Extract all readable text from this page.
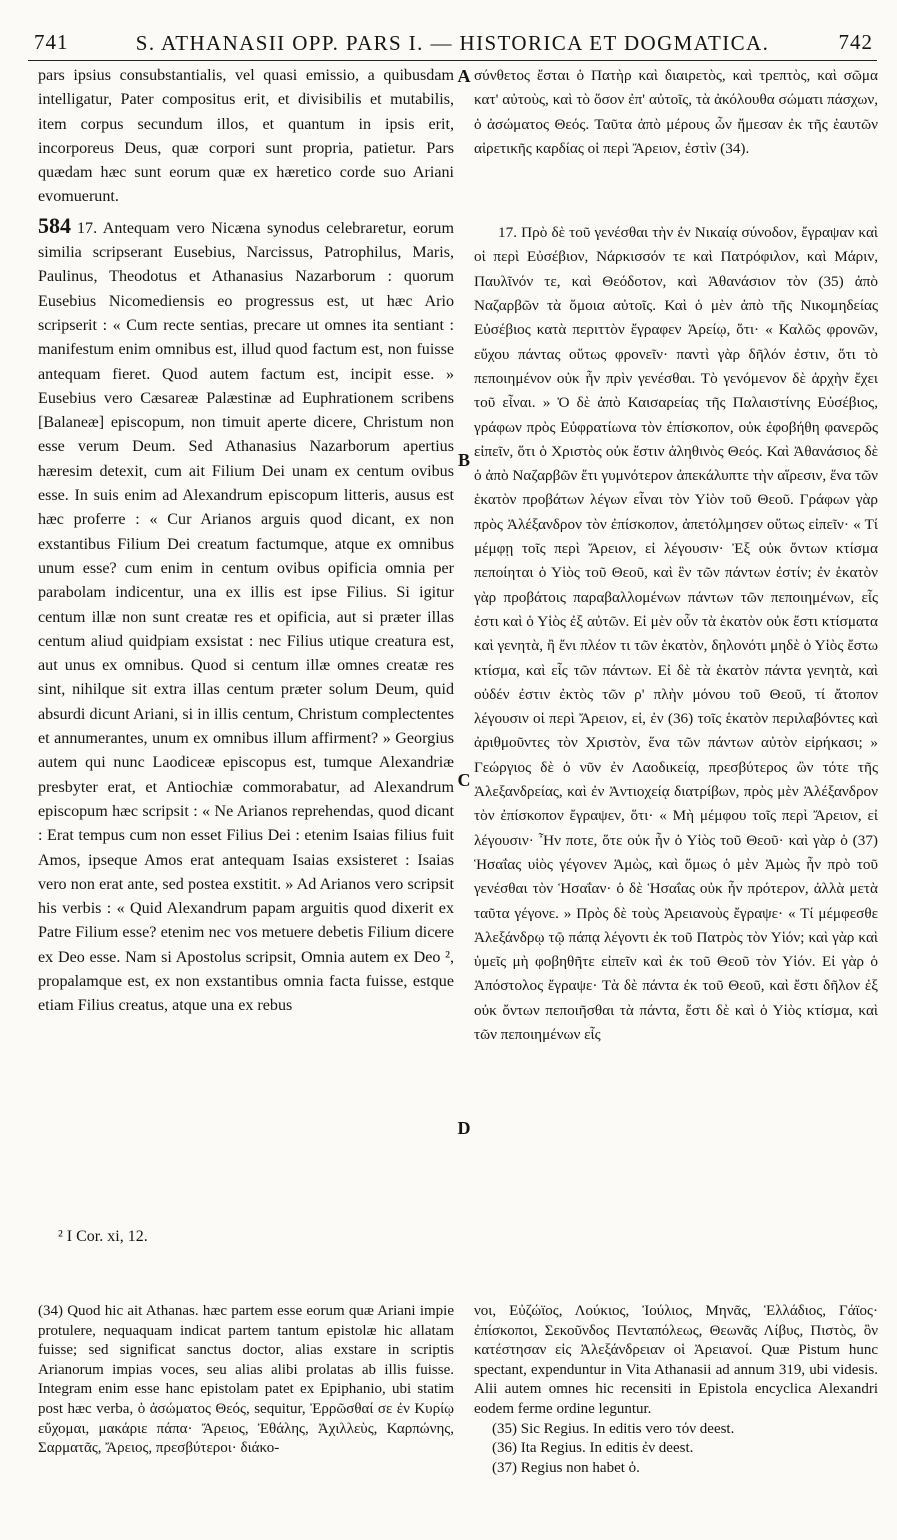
741	S. ATHANASII OPP. PARS I. — HISTORICA ET DOGMATICA.	742

pars ipsius consubstantialis, vel quasi emissio, a quibusdam intelligatur, Pater compositus erit, et divisibilis et mutabilis, item corpus secundum illos, et quantum in ipsis erit, incorporeus Deus, quæ corpori sunt propria, patietur. Pars quædam hæc sunt eorum quæ ex hæretico corde suo Ariani evomuerunt.

584 17. Antequam vero Nicæna synodus celebraretur, eorum similia scripserant Eusebius, Narcissus, Patrophilus, Maris, Paulinus, Theodotus et Athanasius Nazarborum : quorum Eusebius Nicomediensis eo progressus est, ut hæc Ario scripserit : « Cum recte sentias, precare ut omnes ita sentiant : manifestum enim omnibus est, illud quod factum est, non fuisse antequam fieret. Quod autem factum est, incipit esse. » Eusebius vero Cæsareæ Palæstinæ ad Euphrationem scribens [Balaneæ] episcopum, non timuit aperte dicere, Christum non esse verum Deum. Sed Athanasius Nazarborum apertius hæresim detexit, cum ait Filium Dei unam ex centum ovibus esse. In suis enim ad Alexandrum episcopum litteris, ausus est hæc proferre : « Cur Arianos arguis quod dicant, ex non exstantibus Filium Dei creatum factumque, atque ex omnibus unum esse? cum enim in centum ovibus opificia omnia per parabolam indicentur, una ex illis est ipse Filius. Si igitur centum illæ non sunt creatæ res et opificia, aut si præter illas centum aliud quidpiam exsistat : nec Filius utique creatura est, aut unus ex omnibus. Quod si centum illæ omnes creatæ res sint, nihilque sit extra illas centum præter solum Deum, quid absurdi dicunt Ariani, si in illis centum, Christum complectentes et annumerantes, unum ex omnibus illum affirment? » Georgius autem qui nunc Laodiceæ episcopus est, tumque Alexandriæ presbyter erat, et Antiochiæ commorabatur, ad Alexandrum episcopum hæc scripsit : « Ne Arianos reprehendas, quod dicant : Erat tempus cum non esset Filius Dei : etenim Isaias filius fuit Amos, ipseque Amos erat antequam Isaias exsisteret : Isaias vero non erat ante, sed postea exstitit. » Ad Arianos vero scripsit his verbis : « Quid Alexandrum papam arguitis quod dixerit ex Patre Filium esse? etenim nec vos metuere debetis Filium dicere ex Deo esse. Nam si Apostolus scripsit, Omnia autem ex Deo ², propalamque est, ex non exstantibus omnia facta fuisse, estque etiam Filius creatus, atque una ex rebus

σύνθετος ἔσται ὁ Πατὴρ καὶ διαιρετὸς, καὶ τρεπτὸς, καὶ σῶμα κατ' αὐτοὺς, καὶ τὸ ὅσον ἐπ' αὐτοῖς, τὰ ἀκόλουθα σώματι πάσχων, ὁ ἀσώματος Θεός. Ταῦτα ἀπὸ μέρους ὧν ἤμεσαν ἐκ τῆς ἑαυτῶν αἱρετικῆς καρδίας οἱ περὶ Ἄρειον, ἐστὶν (34).

17. Πρὸ δὲ τοῦ γενέσθαι τὴν ἐν Νικαίᾳ σύνοδον, ἔγραψαν καὶ οἱ περὶ Εὐσέβιον, Νάρκισσόν τε καὶ Πατρόφιλον, καὶ Μάριν, Παυλῖνόν τε, καὶ Θεόδοτον, καὶ Ἀθανάσιον τὸν (35) ἀπὸ Ναζαρβῶν τὰ ὅμοια αὐτοῖς. Καὶ ὁ μὲν ἀπὸ τῆς Νικομηδείας Εὐσέβιος κατὰ περιττὸν ἔγραφεν Ἀρείῳ, ὅτι· « Καλῶς φρονῶν, εὔχου πάντας οὕτως φρονεῖν· παντὶ γὰρ δῆλόν ἐστιν, ὅτι τὸ πεποιημένον οὐκ ἦν πρὶν γενέσθαι. Τὸ γενόμενον δὲ ἀρχὴν ἔχει τοῦ εἶναι. » Ὁ δὲ ἀπὸ Καισαρείας τῆς Παλαιστίνης Εὐσέβιος, γράφων πρὸς Εὐφρατίωνα τὸν ἐπίσκοπον, οὐκ ἐφοβήθη φανερῶς εἰπεῖν, ὅτι ὁ Χριστὸς οὐκ ἔστιν ἀληθινὸς Θεός. Καὶ Ἀθανάσιος δὲ ὁ ἀπὸ Ναζαρβῶν ἔτι γυμνότερον ἀπεκάλυπτε τὴν αἵρεσιν, ἕνα τῶν ἑκατὸν προβάτων λέγων εἶναι τὸν Υἱὸν τοῦ Θεοῦ. Γράφων γὰρ πρὸς Ἀλέξανδρον τὸν ἐπίσκοπον, ἀπετόλμησεν οὕτως εἰπεῖν· « Τί μέμφῃ τοῖς περὶ Ἄρειον, εἰ λέγουσιν· Ἐξ οὐκ ὄντων κτίσμα πεποίηται ὁ Υἱὸς τοῦ Θεοῦ, καὶ ἓν τῶν πάντων ἐστίν; ἐν ἑκατὸν γὰρ προβάτοις παραβαλλομένων πάντων τῶν πεποιημένων, εἷς ἐστι καὶ ὁ Υἱὸς ἐξ αὐτῶν. Εἰ μὲν οὖν τὰ ἑκατὸν οὐκ ἔστι κτίσματα καὶ γενητὰ, ἢ ἔνι πλέον τι τῶν ἑκατὸν, δηλονότι μηδὲ ὁ Υἱὸς ἔστω κτίσμα, καὶ εἷς τῶν πάντων. Εἰ δὲ τὰ ἑκατὸν πάντα γενητὰ, καὶ οὐδέν ἐστιν ἐκτὸς τῶν ρ' πλὴν μόνου τοῦ Θεοῦ, τί ἄτοπον λέγουσιν οἱ περὶ Ἄρειον, εἰ, ἐν (36) τοῖς ἑκατὸν περιλαβόντες καὶ ἀριθμοῦντες τὸν Χριστὸν, ἕνα τῶν πάντων αὐτὸν εἰρήκασι; » Γεώργιος δὲ ὁ νῦν ἐν Λαοδικείᾳ, πρεσβύτερος ὢν τότε τῆς Ἀλεξανδρείας, καὶ ἐν Ἀντιοχείᾳ διατρίβων, πρὸς μὲν Ἀλέξανδρον τὸν ἐπίσκοπον ἔγραψεν, ὅτι· « Μὴ μέμφου τοῖς περὶ Ἄρειον, εἰ λέγουσιν· Ἦν ποτε, ὅτε οὐκ ἦν ὁ Υἱὸς τοῦ Θεοῦ· καὶ γὰρ ὁ (37) Ἡσαΐας υἱὸς γέγονεν Ἀμὼς, καὶ ὅμως ὁ μὲν Ἀμὼς ἦν πρὸ τοῦ γενέσθαι τὸν Ἡσαΐαν· ὁ δὲ Ἡσαΐας οὐκ ἦν πρότερον, ἀλλὰ μετὰ ταῦτα γέγονε. » Πρὸς δὲ τοὺς Ἀρειανοὺς ἔγραψε· « Τί μέμφεσθε Ἀλεξάνδρῳ τῷ πάπᾳ λέγοντι ἐκ τοῦ Πατρὸς τὸν Υἱόν; καὶ γὰρ καὶ ὑμεῖς μὴ φοβηθῆτε εἰπεῖν καὶ ἐκ τοῦ Θεοῦ τὸν Υἱόν. Εἰ γὰρ ὁ Ἀπόστολος ἔγραψε· Τὰ δὲ πάντα ἐκ τοῦ Θεοῦ, καὶ ἔστι δῆλον ἐξ οὐκ ὄντων πεποιῆσθαι τὰ πάντα, ἔστι δὲ καὶ ὁ Υἱὸς κτίσμα, καὶ τῶν πεποιημένων εἷς

A
B
C
D
² I Cor. xi, 12.

(34) Quod hic ait Athanas. hæc partem esse eorum quæ Ariani impie protulere, nequaquam indicat partem tantum epistolæ hic allatam fuisse; sed significat sanctus doctor, alias exstare in scriptis Arianorum impias voces, seu alias alibi prolatas ab illis fuisse. Integram enim esse hanc epistolam patet ex Epiphanio, ubi statim post hæc verba, ὁ ἀσώματος Θεός, sequitur, Ἐρρῶσθαί σε ἐν Κυρίῳ εὔχομαι, μακάριε πάπα· Ἄρειος, Ἐθάλης, Ἀχιλλεὺς, Καρπώνης, Σαρματᾶς, Ἄρειος, πρεσβύτεροι· διάκο-

νοι, Εὐζώϊος, Λούκιος, Ἰούλιος, Μηνᾶς, Ἑλλάδιος, Γάϊος· ἐπίσκοποι, Σεκοῦνδος Πενταπόλεως, Θεωνᾶς Λίβυς, Πιστὸς, ὃν κατέστησαν εἰς Ἀλεξάνδρειαν οἱ Ἀρειανοί. Quæ Pistum hunc spectant, expenduntur in Vita Athanasii ad annum 319, ubi videsis. Alii autem omnes hic recensiti in Epistola encyclica Alexandri eodem ferme ordine leguntur.

(35) Sic Regius. In editis vero τόν deest.

(36) Ita Regius. In editis ἐν deest.

(37) Regius non habet ὁ.
